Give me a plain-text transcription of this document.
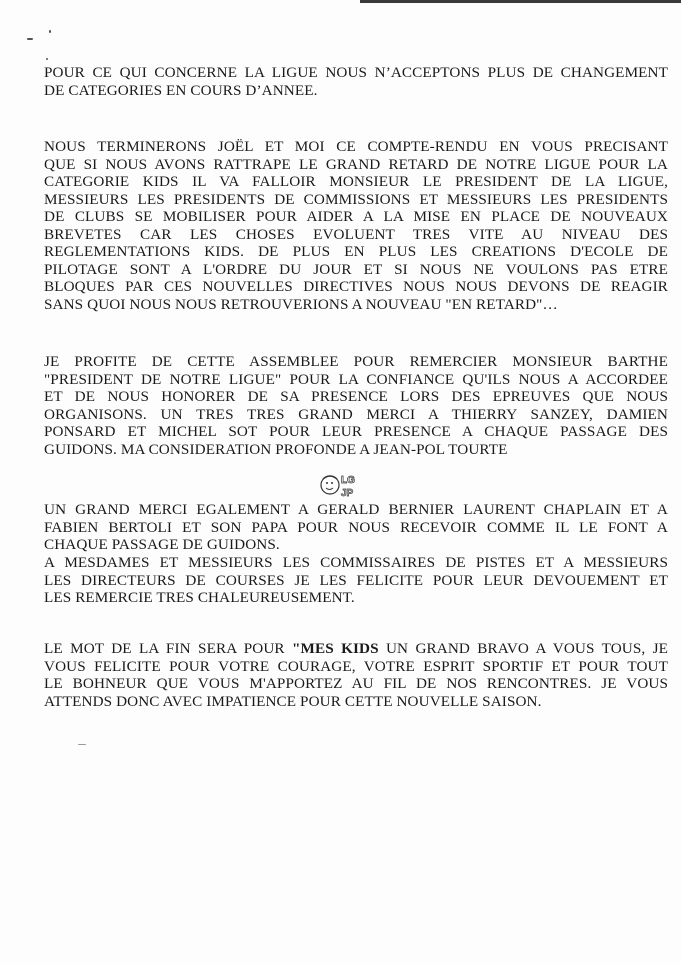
POUR CE QUI CONCERNE LA LIGUE NOUS N’ACCEPTONS PLUS DE CHANGEMENT
DE CATEGORIES EN COURS D’ANNEE.
NOUS TERMINERONS JOËL ET MOI CE COMPTE-RENDU EN VOUS PRECISANT
QUE SI NOUS AVONS RATTRAPE LE GRAND RETARD DE NOTRE LIGUE POUR LA
CATEGORIE KIDS IL VA FALLOIR MONSIEUR LE PRESIDENT DE LA LIGUE,
MESSIEURS LES PRESIDENTS DE COMMISSIONS ET MESSIEURS LES PRESIDENTS
DE CLUBS SE MOBILISER POUR AIDER A LA MISE EN PLACE DE NOUVEAUX
BREVETES CAR LES CHOSES EVOLUENT TRES VITE AU NIVEAU DES
REGLEMENTATIONS KIDS. DE PLUS EN PLUS LES CREATIONS D'ECOLE DE
PILOTAGE SONT A L'ORDRE DU JOUR ET SI NOUS NE VOULONS PAS ETRE
BLOQUES PAR CES NOUVELLES DIRECTIVES NOUS NOUS DEVONS DE REAGIR
SANS QUOI NOUS NOUS RETROUVERIONS A NOUVEAU "EN RETARD"…
JE PROFITE DE CETTE ASSEMBLEE POUR REMERCIER MONSIEUR BARTHE
"PRESIDENT DE NOTRE LIGUE" POUR LA CONFIANCE QU'ILS NOUS A ACCORDEE
ET DE NOUS HONORER DE SA PRESENCE LORS DES EPREUVES QUE NOUS
ORGANISONS. UN TRES TRES GRAND MERCI A THIERRY SANZEY, DAMIEN
PONSARD ET MICHEL SOT POUR LEUR PRESENCE A CHAQUE PASSAGE DES
GUIDONS. MA CONSIDERATION PROFONDE A JEAN-POL TOURTE
LG
JP
UN GRAND MERCI EGALEMENT A GERALD BERNIER LAURENT CHAPLAIN ET A
FABIEN BERTOLI ET SON PAPA POUR NOUS RECEVOIR COMME IL LE FONT A
CHAQUE PASSAGE DE GUIDONS.
A MESDAMES ET MESSIEURS LES COMMISSAIRES DE PISTES ET A MESSIEURS
LES DIRECTEURS DE COURSES JE LES FELICITE POUR LEUR DEVOUEMENT ET
LES REMERCIE TRES CHALEUREUSEMENT.
LE MOT DE LA FIN SERA POUR "MES KIDS UN GRAND BRAVO A VOUS TOUS, JE
VOUS FELICITE POUR VOTRE COURAGE, VOTRE ESPRIT SPORTIF ET POUR TOUT
LE BOHNEUR QUE VOUS M'APPORTEZ AU FIL DE NOS RENCONTRES. JE VOUS
ATTENDS DONC AVEC IMPATIENCE POUR CETTE NOUVELLE SAISON.
